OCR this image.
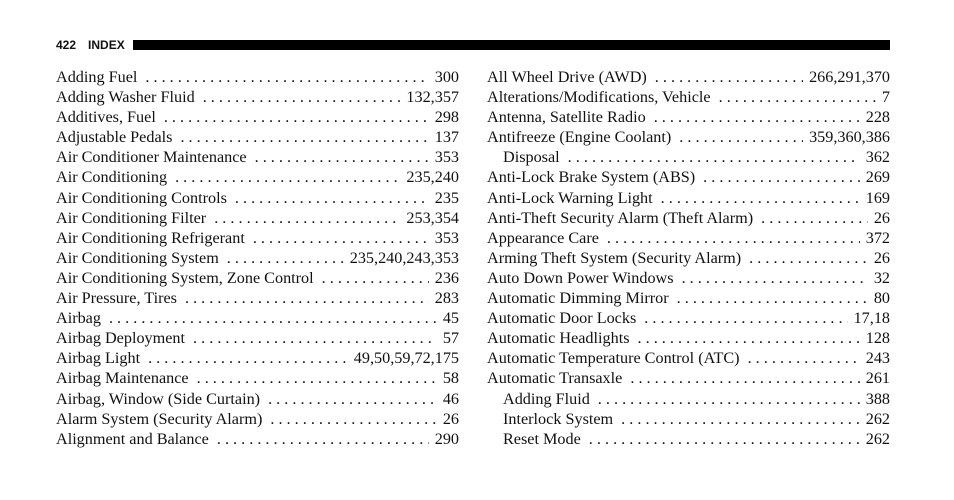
422 INDEX
Adding Fuel . . .	300
Adding Washer Fluid . . .	132,357
Additives, Fuel . . .	298
Adjustable Pedals . . .	137
Air Conditioner Maintenance . . .	353
Air Conditioning . . .	235,240
Air Conditioning Controls . . .	235
Air Conditioning Filter . . .	253,354
Air Conditioning Refrigerant . . .	353
Air Conditioning System . . .	235,240,243,353
Air Conditioning System, Zone Control . . .	236
Air Pressure, Tires . . .	283
Airbag . . .	45
Airbag Deployment . . .	57
Airbag Light . . .	49,50,59,72,175
Airbag Maintenance . . .	58
Airbag, Window (Side Curtain) . . .	46
Alarm System (Security Alarm) . . .	26
Alignment and Balance . . .	290
All Wheel Drive (AWD) . . .	266,291,370
Alterations/Modifications, Vehicle . . .	7
Antenna, Satellite Radio . . .	228
Antifreeze (Engine Coolant) . . .	359,360,386
Disposal . . .	362
Anti-Lock Brake System (ABS) . . .	269
Anti-Lock Warning Light . . .	169
Anti-Theft Security Alarm (Theft Alarm) . . .	26
Appearance Care . . .	372
Arming Theft System (Security Alarm) . . .	26
Auto Down Power Windows . . .	32
Automatic Dimming Mirror . . .	80
Automatic Door Locks . . .	17,18
Automatic Headlights . . .	128
Automatic Temperature Control (ATC) . . .	243
Automatic Transaxle . . .	261
Adding Fluid . . .	388
Interlock System . . .	262
Reset Mode . . .	262
